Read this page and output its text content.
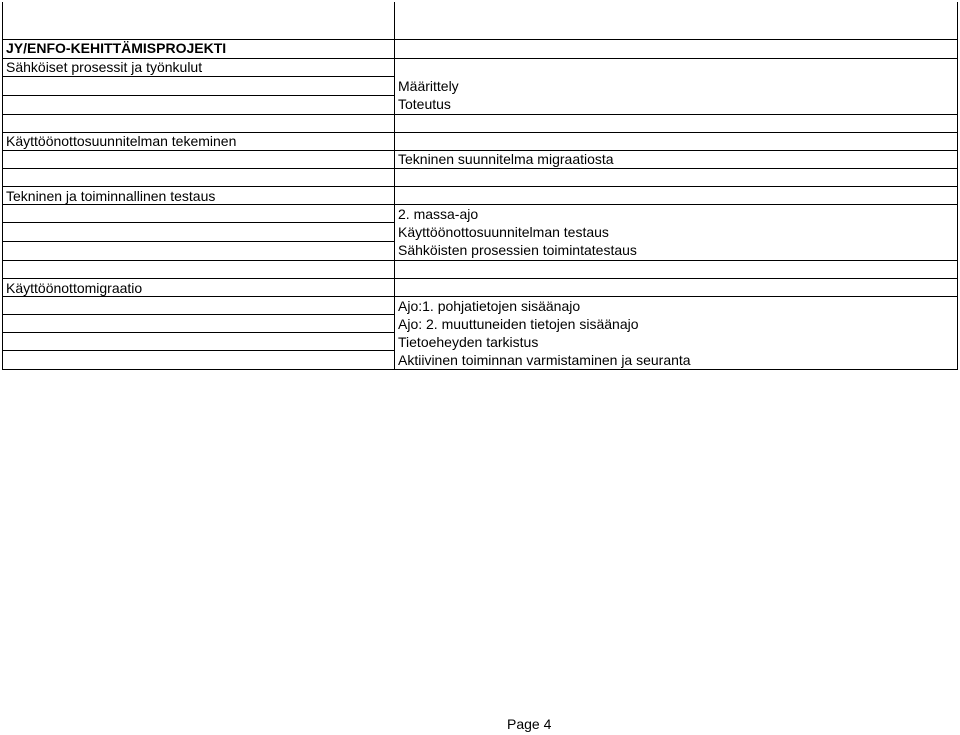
JY/ENFO-KEHITTÄMISPROJEKTI
Sähköiset prosessit ja työnkulut
Käyttöönottosuunnitelman tekeminen
Tekninen ja toiminnallinen testaus
Käyttöönottomigraatio
Määrittely
Toteutus
Tekninen suunnitelma migraatiosta
2. massa-ajo
Käyttöönottosuunnitelman testaus
Sähköisten prosessien toimintatestaus
Ajo:1. pohjatietojen sisäänajo
Ajo: 2. muuttuneiden tietojen sisäänajo
Tietoeheyden tarkistus
Aktiivinen toiminnan varmistaminen ja seuranta
Page 4
